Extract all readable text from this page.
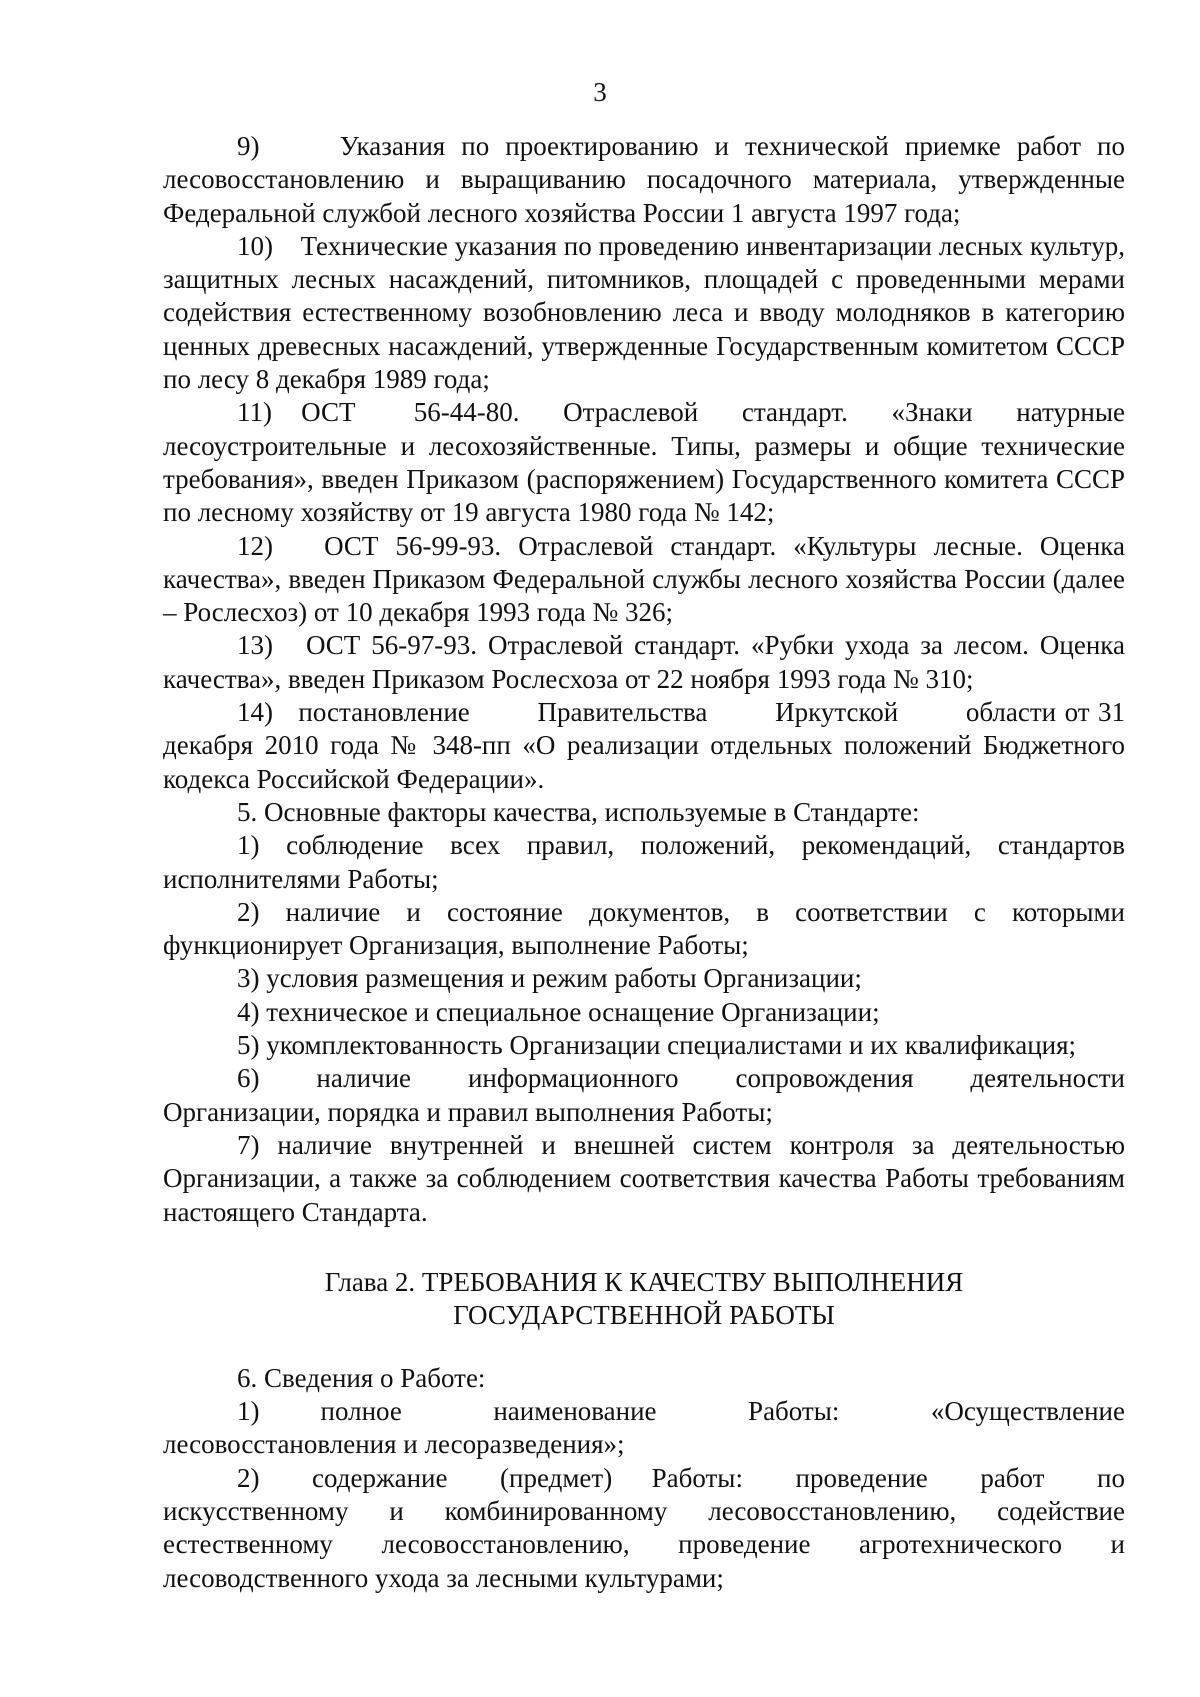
3

9)     Указания по проектированию и технической приемке работ по лесовосстановлению и выращиванию посадочного материала, утвержденные Федеральной службой лесного хозяйства России 1 августа 1997 года;

10)    Технические указания по проведению инвентаризации лесных культур, защитных лесных насаждений, питомников, площадей с проведенными мерами содействия естественному возобновлению леса и вводу молодняков в категорию ценных древесных насаждений, утвержденные Государственным комитетом СССР по лесу 8 декабря 1989 года;

11)  ОСТ    56-44-80.   Отраслевой   стандарт.   «Знаки   натурные лесоустроительные и лесохозяйственные. Типы, размеры и общие технические требования», введен Приказом (распоряжением) Государственного комитета СССР по лесному хозяйству от 19 августа 1980 года № 142;

12)   ОСТ 56-99-93. Отраслевой стандарт. «Культуры лесные. Оценка качества», введен Приказом Федеральной службы лесного хозяйства России (далее – Рослесхоз) от 10 декабря 1993 года № 326;

13)   ОСТ 56-97-93. Отраслевой стандарт. «Рубки ухода за лесом. Оценка качества», введен Приказом Рослесхоза от 22 ноября 1993 года № 310;

14)   постановление        Правительства        Иркутской        области от 31 декабря 2010 года № 348-пп «О реализации отдельных положений Бюджетного кодекса Российской Федерации».

5. Основные факторы качества, используемые в Стандарте:

1) соблюдение всех правил, положений, рекомендаций, стандартов исполнителями Работы;

2) наличие и состояние документов, в соответствии с которыми функционирует Организация, выполнение Работы;

3) условия размещения и режим работы Организации;

4) техническое и специальное оснащение Организации;

5) укомплектованность Организации специалистами и их квалификация;

6)      наличие      информационного      сопровождения      деятельности Организации, порядка и правил выполнения Работы;

7) наличие внутренней и внешней систем контроля за деятельностью Организации, а также за соблюдением соответствия качества Работы требованиям настоящего Стандарта.

Глава 2. ТРЕБОВАНИЯ К КАЧЕСТВУ ВЫПОЛНЕНИЯ
ГОСУДАРСТВЕННОЙ РАБОТЫ

6. Сведения о Работе:

1)      полное         наименование         Работы:         «Осуществление лесовосстановления и лесоразведения»;

2)    содержание    (предмет)   Работы:    проведение    работ    по искусственному и комбинированному лесовосстановлению, содействие естественному лесовосстановлению, проведение агротехнического и лесоводственного ухода за лесными культурами;
